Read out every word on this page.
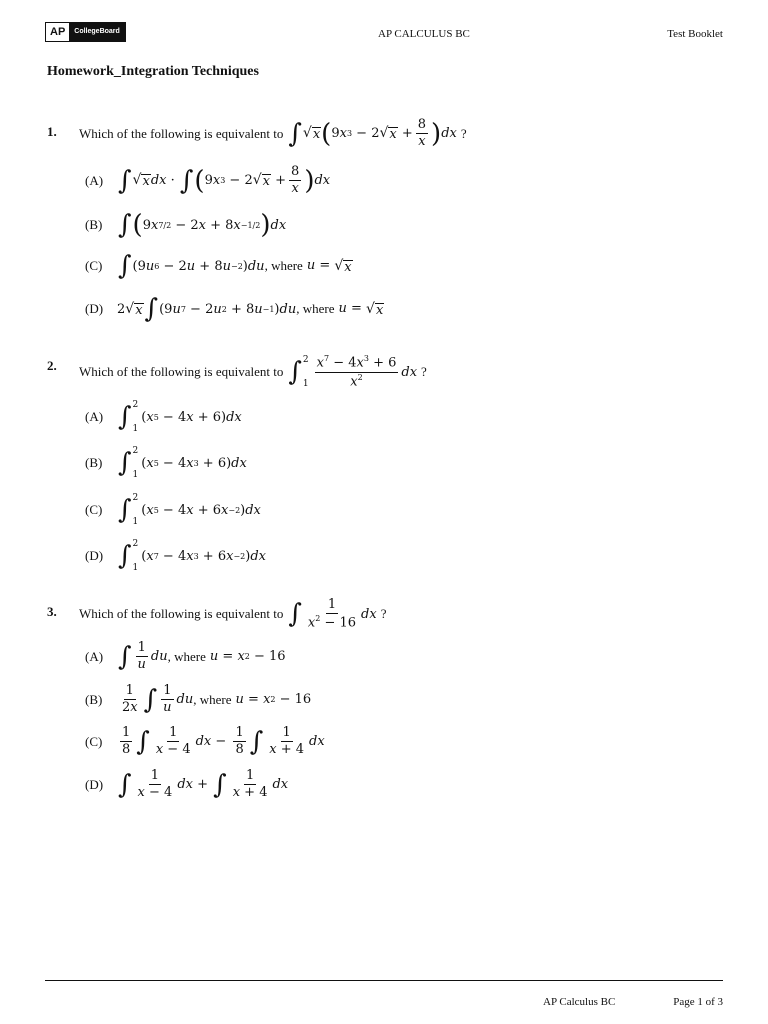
AP	CollegeBoard	AP CALCULUS BC	Test Booklet
Homework_Integration Techniques
1. Which of the following is equivalent to ∫ √ x ( 9 x 3 − 2 √ $x + \frac{8}{x}$ ) dx ?
(A) ∫ √ x dx · ∫ ( 9 x 3 − 2 √ $x + \frac{8}{x}$ ) dx
(B) ∫ ( 9 x 7/2 − 2 x + 8 x −1/2 ) dx
(C) ∫ (9 u 6 − 2 u + 8 u −2 ) du , where u = √ x
(D)	2 √ x ∫ (9 u 7 − 2 u 2 + 8 u −1 ) du , where u = √ x
2. Which of the following is equivalent to ∫ 2
$1 \frac{x^7 - 4x^3 + 6}{x^2}$ dx ?
(A) ∫ 2
1
( x 5 − 4 x + 6) dx
(B) ∫ 2
1
( x 5 − 4 x 3 + 6) dx
(C) ∫ 2
1
( x 5 − 4 x + 6 x −2 ) dx
(D) ∫ 2
1
( x 7 − 4 x 3 + 6 x −2 ) dx
3. Which of the following is equivalent to ∫ $\frac{1}{x^2 - 16}$ dx ?
(A) ∫ $\frac{1}{u}$ du , where u = x 2 − 16
(B)	$\frac{1}{2x}$ ∫ $\frac{1}{u}$ du , where u = x 2 − 16
(C)	$\frac{1}{8}$ ∫ $\frac{1}{x - 4}$ dx − $\frac{1}{8}$ ∫ $\frac{1}{x + 4}$ dx
(D) ∫ $\frac{1}{x - 4}$ dx + ∫ $\frac{1}{x + 4}$ dx
AP Calculus BC	Page 1 of 3
